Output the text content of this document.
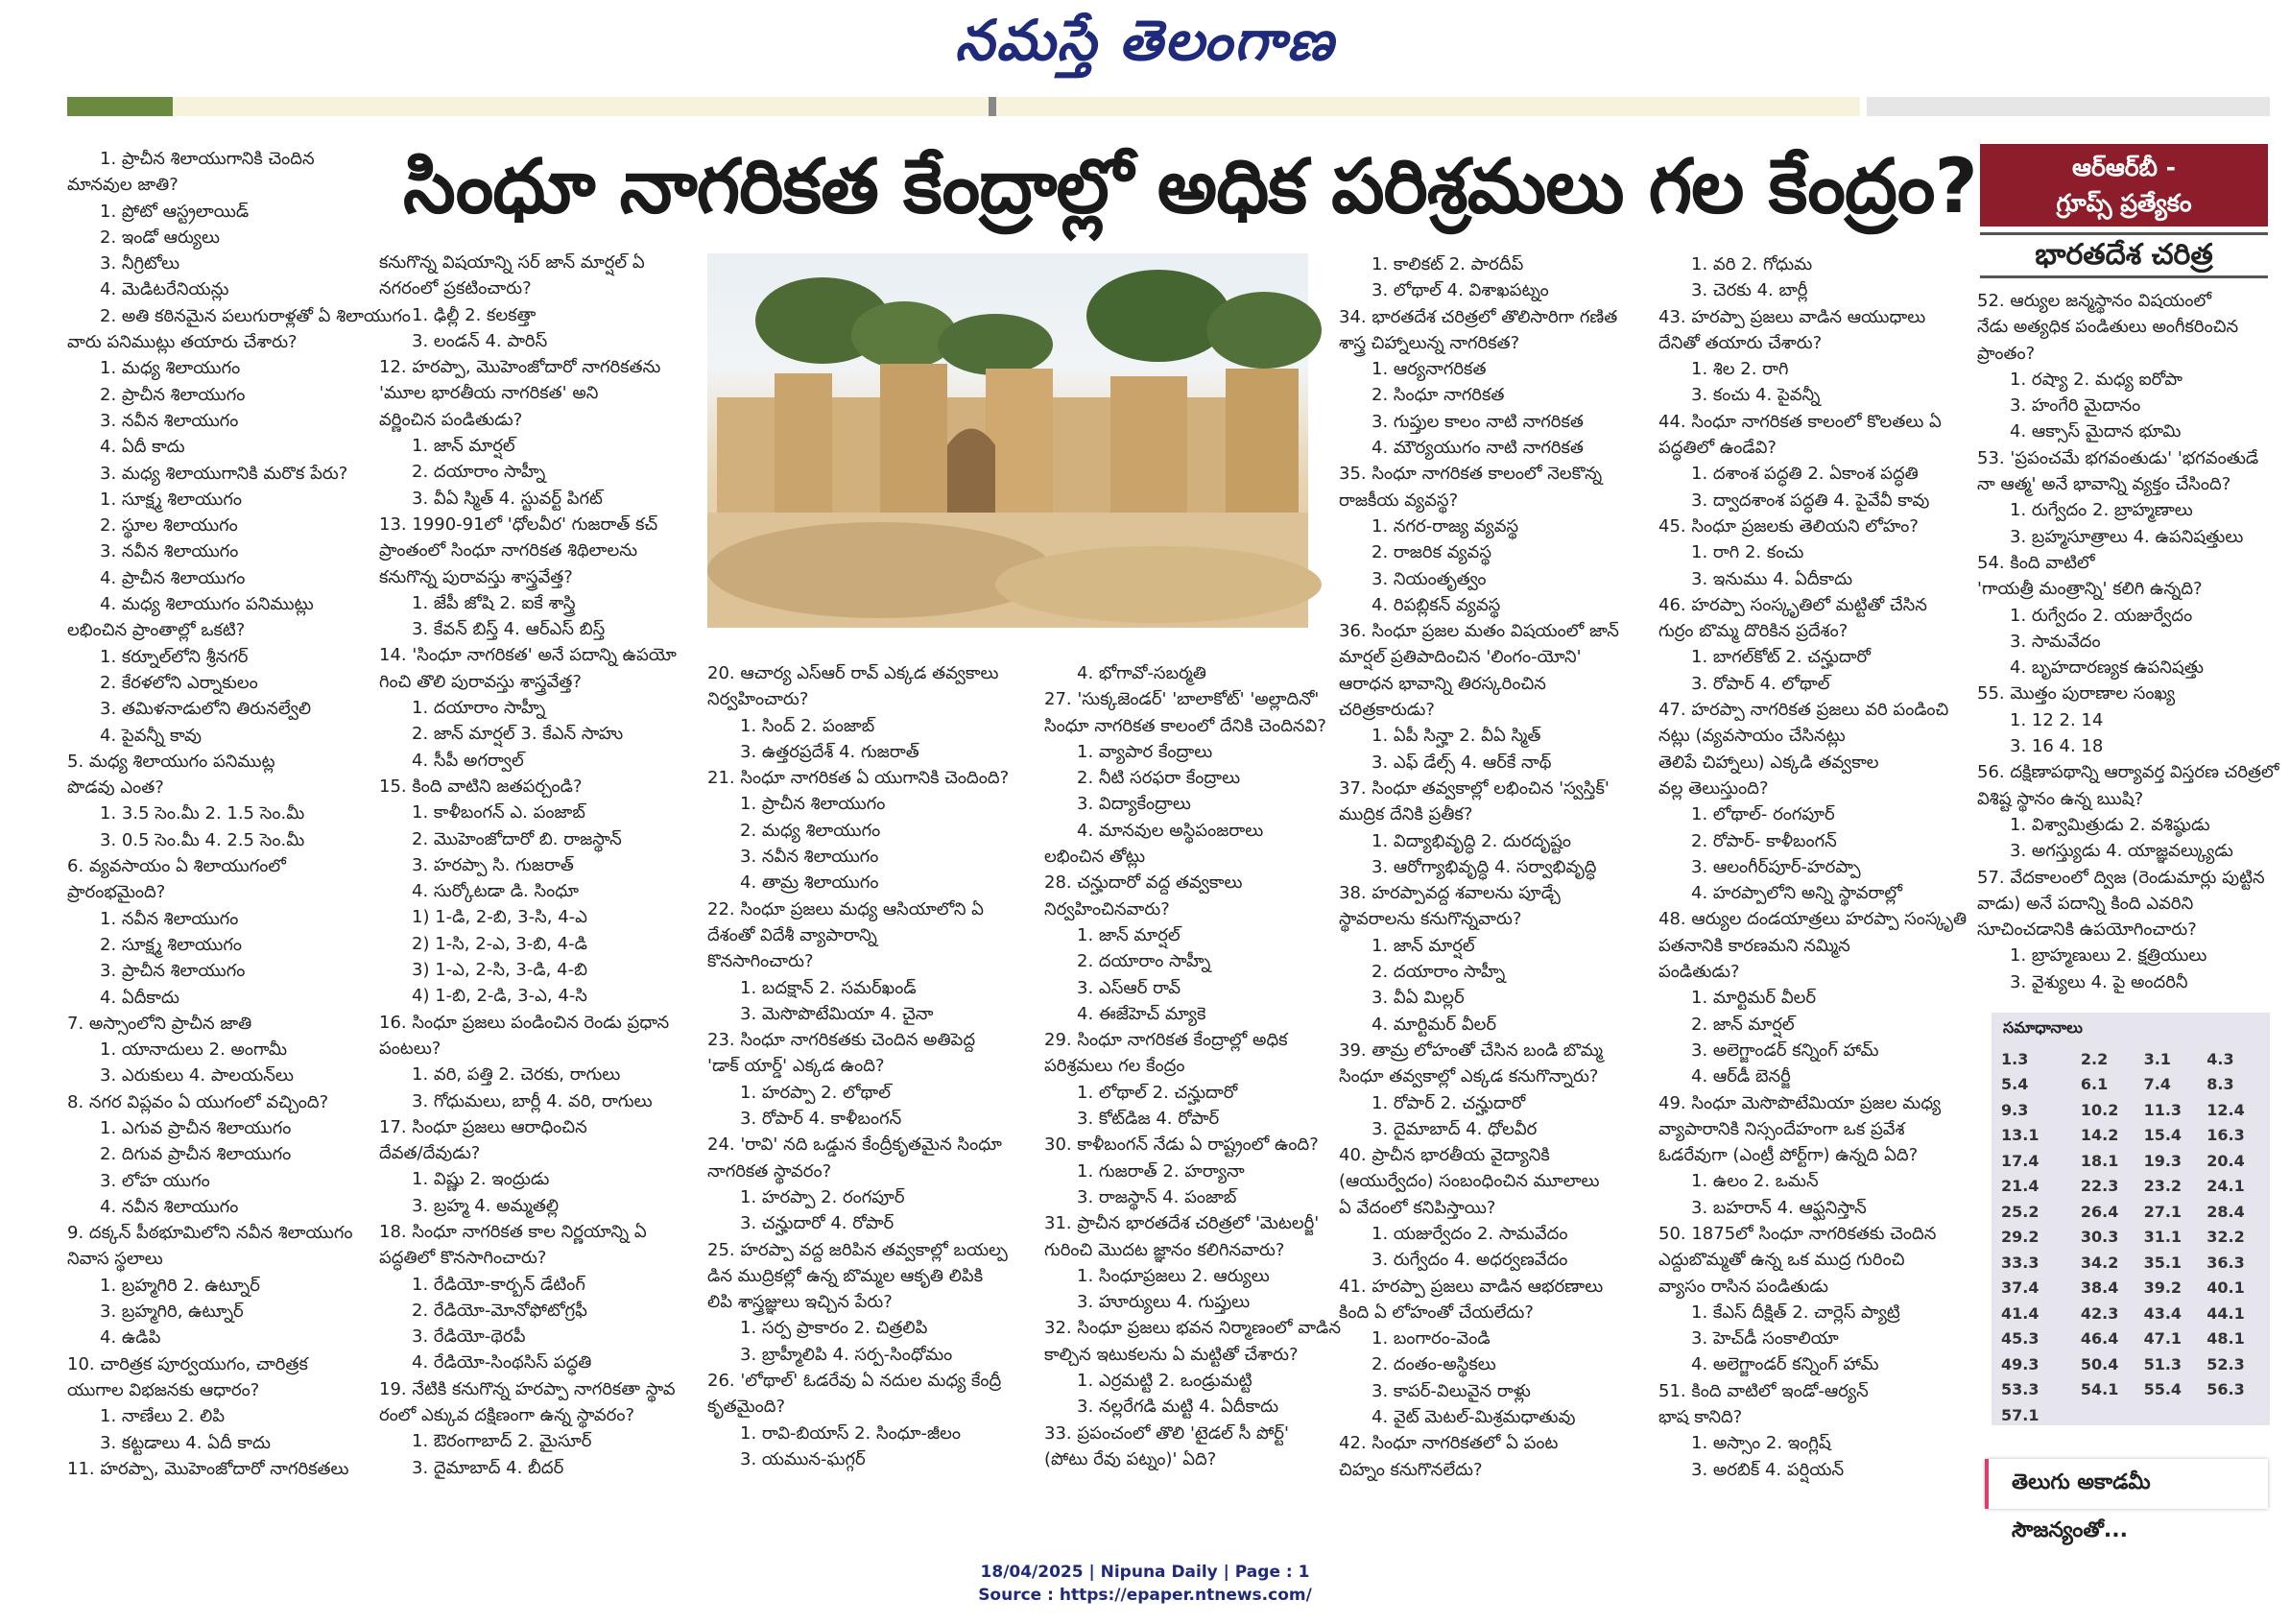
నమస్తే తెలంగాణ
సింధూ నాగరికత కేంద్రాల్లో అధిక పరిశ్రమలు గల కేంద్రం?	ఆర్‌ఆర్‌బీ -
గ్రూప్స్ ప్రత్యేకం
భారతదేశ చరిత్ర
1. ప్రాచీన శిలాయుగానికి చెందిన
మానవుల జాతి?
1. ప్రోటో ఆస్ట్రలాయిడ్
2. ఇండో ఆర్యులు
3. నీగ్రిటోలు
4. మెడిటరేనియన్లు
2. అతి కఠినమైన పలుగురాళ్లతో ఏ శిలాయుగం
వారు పనిముట్లు తయారు చేశారు?
1. మధ్య శిలాయుగం
2. ప్రాచీన శిలాయుగం
3. నవీన శిలాయుగం
4. ఏదీ కాదు
3. మధ్య శిలాయుగానికి మరొక పేరు?
1. సూక్ష్మ శిలాయుగం
2. స్థూల శిలాయుగం
3. నవీన శిలాయుగం
4. ప్రాచీన శిలాయుగం
4. మధ్య శిలాయుగం పనిముట్లు
లభించిన ప్రాంతాల్లో ఒకటి?
1. కర్నూల్‌లోని శ్రీనగర్
2. కేరళలోని ఎర్నాకులం
3. తమిళనాడులోని తిరునల్వేలి
4. పైవన్నీ కావు
5. మధ్య శిలాయుగం పనిముట్ల
పొడవు ఎంత?
1. 3.5 సెం.మీ 2. 1.5 సెం.మీ
3. 0.5 సెం.మీ 4. 2.5 సెం.మీ
6. వ్యవసాయం ఏ శిలాయుగంలో
ప్రారంభమైంది?
1. నవీన శిలాయుగం
2. సూక్ష్మ శిలాయుగం
3. ప్రాచీన శిలాయుగం
4. ఏదీకాదు
7. అస్సాంలోని ప్రాచీన జాతి
1. యానాదులు 2. అంగామీ
3. ఎరుకులు 4. పాలయన్‌లు
8. నగర విప్లవం ఏ యుగంలో వచ్చింది?
1. ఎగువ ప్రాచీన శిలాయుగం
2. దిగువ ప్రాచీన శిలాయుగం
3. లోహ యుగం
4. నవీన శిలాయుగం
9. దక్కన్ పీఠభూమిలోని నవీన శిలాయుగం
నివాస స్థలాలు
1. బ్రహ్మగిరి 2. ఉట్నూర్
3. బ్రహ్మగిరి, ఉట్నూర్
4. ఉడిపి
10. చారిత్రక పూర్వయుగం, చారిత్రక
యుగాల విభజనకు ఆధారం?
1. నాణేలు 2. లిపి
3. కట్టడాలు 4. ఏదీ కాదు
11. హరప్పా, మొహెంజోదారో నాగరికతలు
కనుగొన్న విషయాన్ని సర్ జాన్ మార్షల్ ఏ
నగరంలో ప్రకటించారు?
1. ఢిల్లీ 2. కలకత్తా
3. లండన్ 4. పారిస్
12. హరప్పా, మొహెంజోదారో నాగరికతను
'మూల భారతీయ నాగరికత' అని
వర్ణించిన పండితుడు?
1. జాన్ మార్షల్
2. దయారాం సాహ్నీ
3. వీఏ స్మిత్ 4. స్టువర్ట్ పిగట్
13. 1990-91లో 'ధోలవీర' గుజరాత్ కచ్
ప్రాంతంలో సింధూ నాగరికత శిథిలాలను
కనుగొన్న పురావస్తు శాస్త్రవేత్త?
1. జేపీ జోషి 2. ఐకే శాస్త్రి
3. కేవన్ బిస్త్ 4. ఆర్ఎస్ బిస్త్
14. 'సింధూ నాగరికత' అనే పదాన్ని ఉపయో
గించి తొలి పురావస్తు శాస్త్రవేత్త?
1. దయారాం సాహ్నీ
2. జాన్ మార్షల్ 3. కేఎన్ సాహు
4. సీపీ అగర్వాల్
15. కింది వాటిని జతపర్చండి?
1. కాళీబంగన్ ఎ. పంజాబ్
2. మొహెంజోదారో బి. రాజస్థాన్
3. హరప్పా సి. గుజరాత్
4. సుర్కోటడా డి. సింధూ
1) 1-డి, 2-బి, 3-సి, 4-ఎ
2) 1-సి, 2-ఎ, 3-బి, 4-డి
3) 1-ఎ, 2-సి, 3-డి, 4-బి
4) 1-బి, 2-డి, 3-ఎ, 4-సి
16. సింధూ ప్రజలు పండించిన రెండు ప్రధాన
పంటలు?
1. వరి, పత్తి 2. చెరకు, రాగులు
3. గోధుమలు, బార్లీ 4. వరి, రాగులు
17. సింధూ ప్రజలు ఆరాధించిన
దేవత/దేవుడు?
1. విష్ణు 2. ఇంద్రుడు
3. బ్రహ్మ 4. అమ్మతల్లి
18. సింధూ నాగరికత కాల నిర్ణయాన్ని ఏ
పద్ధతిలో కొనసాగించారు?
1. రేడియో-కార్బన్ డేటింగ్
2. రేడియో-మోనోఫోటోగ్రఫీ
3. రేడియో-థెరపీ
4. రేడియో-సింథసిస్ పద్ధతి
19. నేటికి కనుగొన్న హరప్పా నాగరికతా స్థావ
రంలో ఎక్కువ దక్షిణంగా ఉన్న స్థావరం?
1. ఔరంగాబాద్ 2. మైసూర్
3. దైమాబాద్ 4. బీదర్
20. ఆచార్య ఎస్ఆర్ రావ్ ఎక్కడ తవ్వకాలు
నిర్వహించారు?
1. సింద్ 2. పంజాబ్
3. ఉత్తరప్రదేశ్ 4. గుజరాత్
21. సింధూ నాగరికత ఏ యుగానికి చెందింది?
1. ప్రాచీన శిలాయుగం
2. మధ్య శిలాయుగం
3. నవీన శిలాయుగం
4. తామ్ర శిలాయుగం
22. సింధూ ప్రజలు మధ్య ఆసియాలోని ఏ
దేశంతో విదేశీ వ్యాపారాన్ని
కొనసాగించారు?
1. బదక్షాన్ 2. సమర్‌ఖండ్
3. మెసొపొటేమియా 4. చైనా
23. సింధూ నాగరికతకు చెందిన అతిపెద్ద
'డాక్ యార్డ్' ఎక్కడ ఉంది?
1. హరప్పా 2. లోథాల్
3. రోపార్ 4. కాళీబంగన్
24. 'రావి' నది ఒడ్డున కేంద్రీకృతమైన సింధూ
నాగరికత స్థావరం?
1. హరప్పా 2. రంగపూర్
3. చన్హుదారో 4. రోపార్
25. హరప్పా వద్ద జరిపిన తవ్వకాల్లో బయల్ప
డిన ముద్రికల్లో ఉన్న బొమ్మల ఆకృతి లిపికి
లిపి శాస్త్రజ్ఞులు ఇచ్చిన పేరు?
1. సర్ప ప్రాకారం 2. చిత్రలిపి
3. బ్రాహ్మీలిపి 4. సర్ప-సింధోమం
26. 'లోథాల్' ఓడరేవు ఏ నదుల మధ్య కేంద్రీ
కృతమైంది?
1. రావి-బియాస్ 2. సింధూ-జీలం
3. యమున-ఘగ్గర్
4. భోగావో-సబర్మతి
27. 'సుక్కజెండర్' 'బాలాకోట్' 'అల్లాదినో'
సింధూ నాగరికత కాలంలో దేనికి చెందినవి?
1. వ్యాపార కేంద్రాలు
2. నీటి సరఫరా కేంద్రాలు
3. విద్యాకేంద్రాలు
4. మానవుల అస్థిపంజరాలు
లభించిన తోట్లు
28. చన్హుదారో వద్ద తవ్వకాలు
నిర్వహించినవారు?
1. జాన్ మార్షల్
2. దయారాం సాహ్నీ
3. ఎస్ఆర్ రావ్
4. ఈజేహెచ్ మ్యాకె
29. సింధూ నాగరికత కేంద్రాల్లో అధిక
పరిశ్రమలు గల కేంద్రం
1. లోథాల్ 2. చన్హుదారో
3. కోట్‌డిజ 4. రోపార్
30. కాళీబంగన్ నేడు ఏ రాష్ట్రంలో ఉంది?
1. గుజరాత్ 2. హర్యానా
3. రాజస్థాన్ 4. పంజాబ్
31. ప్రాచీన భారతదేశ చరిత్రలో 'మెటలర్జీ'
గురించి మొదట జ్ఞానం కలిగినవారు?
1. సింధూప్రజలు 2. ఆర్యులు
3. హూర్యులు 4. గుప్తులు
32. సింధూ ప్రజలు భవన నిర్మాణంలో వాడిన
కాల్చిన ఇటుకలను ఏ మట్టితో చేశారు?
1. ఎర్రమట్టి 2. ఒండ్రుమట్టి
3. నల్లరేగడి మట్టి 4. ఏదీకాదు
33. ప్రపంచంలో తొలి 'టైడల్ సీ పోర్ట్'
(పోటు రేవు పట్నం)' ఏది?
1. కాలికట్ 2. పారదీప్
3. లోథాల్ 4. విశాఖపట్నం
34. భారతదేశ చరిత్రలో తొలిసారిగా గణిత
శాస్త్ర చిహ్నాలున్న నాగరికత?
1. ఆర్యనాగరికత
2. సింధూ నాగరికత
3. గుప్తుల కాలం నాటి నాగరికత
4. మౌర్యయుగం నాటి నాగరికత
35. సింధూ నాగరికత కాలంలో నెలకొన్న
రాజకీయ వ్యవస్థ?
1. నగర-రాజ్య వ్యవస్థ
2. రాజరిక వ్యవస్థ
3. నియంతృత్వం
4. రిపబ్లికన్ వ్యవస్థ
36. సింధూ ప్రజల మతం విషయంలో జాన్
మార్షల్ ప్రతిపాదించిన 'లింగం-యోని'
ఆరాధన భావాన్ని తిరస్కరించిన
చరిత్రకారుడు?
1. ఏపీ సిన్హా 2. వీఏ స్మిత్
3. ఎఫ్ డేల్స్ 4. ఆర్‌కే నాథ్
37. సింధూ తవ్వకాల్లో లభించిన 'స్వస్తిక్'
ముద్రిక దేనికి ప్రతీక?
1. విద్యాభివృద్ధి 2. దురదృష్టం
3. ఆరోగ్యాభివృద్ధి 4. సర్వాభివృద్ధి
38. హరప్పావద్ద శవాలను పూడ్చే
స్థావరాలను కనుగొన్నవారు?
1. జాన్ మార్షల్
2. దయారాం సాహ్నీ
3. వీఏ మిల్లర్
4. మార్టిమర్ వీలర్
39. తామ్ర లోహంతో చేసిన బండి బొమ్మ
సింధూ తవ్వకాల్లో ఎక్కడ కనుగొన్నారు?
1. రోపార్ 2. చన్హుదారో
3. దైమాబాద్ 4. ధోలవీర
40. ప్రాచీన భారతీయ వైద్యానికి
(ఆయుర్వేదం) సంబంధించిన మూలాలు
ఏ వేదంలో కనిపిస్తాయి?
1. యజుర్వేదం 2. సామవేదం
3. రుగ్వేదం 4. అధర్వణవేదం
41. హరప్పా ప్రజలు వాడిన ఆభరణాలు
కింది ఏ లోహంతో చేయలేదు?
1. బంగారం-వెండి
2. దంతం-అస్థికలు
3. కాపర్-విలువైన రాళ్లు
4. వైట్ మెటల్-మిశ్రమధాతువు
42. సింధూ నాగరికతలో ఏ పంట
చిహ్నం కనుగొనలేదు?
1. వరి 2. గోధుమ
3. చెరకు 4. బార్లీ
43. హరప్పా ప్రజలు వాడిన ఆయుధాలు
దేనితో తయారు చేశారు?
1. శిల 2. రాగి
3. కంచు 4. పైవన్నీ
44. సింధూ నాగరికత కాలంలో కొలతలు ఏ
పద్ధతిలో ఉండేవి?
1. దశాంశ పద్ధతి 2. ఏకాంశ పద్ధతి
3. ద్వాదశాంశ పద్ధతి 4. పైవేవీ కావు
45. సింధూ ప్రజలకు తెలియని లోహం?
1. రాగి 2. కంచు
3. ఇనుము 4. ఏదీకాదు
46. హరప్పా సంస్కృతిలో మట్టితో చేసిన
గుర్రం బొమ్మ దొరికిన ప్రదేశం?
1. బాగల్‌కోట్ 2. చన్హుదారో
3. రోపార్ 4. లోథాల్
47. హరప్పా నాగరికత ప్రజలు వరి పండించి
నట్లు (వ్యవసాయం చేసినట్లు
తెలిపే చిహ్నాలు) ఎక్కడి తవ్వకాల
వల్ల తెలుస్తుంది?
1. లోథాల్- రంగపూర్
2. రోపార్- కాళీబంగన్
3. ఆలంగీర్‌పూర్-హరప్పా
4. హరప్పాలోని అన్ని స్థావరాల్లో
48. ఆర్యుల దండయాత్రలు హరప్పా సంస్కృతి
పతనానికి కారణమని నమ్మిన
పండితుడు?
1. మార్టిమర్ వీలర్
2. జాన్ మార్షల్
3. అలెగ్జాండర్ కన్నింగ్ హామ్
4. ఆర్‌డీ బెనర్జీ
49. సింధూ మెసొపొటేమియా ప్రజల మధ్య
వ్యాపారానికి నిస్సందేహంగా ఒక ప్రవేశ
ఓడరేవుగా (ఎంట్రీ పోర్ట్‌గా) ఉన్నది ఏది?
1. ఉలం 2. ఒమన్
3. బహరాన్ 4. ఆఫ్ఘనిస్తాన్
50. 1875లో సింధూ నాగరికతకు చెందిన
ఎద్దుబొమ్మతో ఉన్న ఒక ముద్ర గురించి
వ్యాసం రాసిన పండితుడు
1. కేఎస్ దీక్షిత్ 2. చార్లెస్ ప్యాట్రి
3. హెచ్‌డీ సంకాలియా
4. అలెగ్జాండర్ కన్నింగ్ హామ్
51. కింది వాటిలో ఇండో-ఆర్యన్
భాష కానిది?
1. అస్సాం 2. ఇంగ్లిష్
3. అరబిక్ 4. పర్షియన్
52. ఆర్యుల జన్మస్థానం విషయంలో
నేడు అత్యధిక పండితులు అంగీకరించిన
ప్రాంతం?
1. రష్యా 2. మధ్య ఐరోపా
3. హంగేరి మైదానం
4. ఆక్సాస్ మైదాన భూమి
53. 'ప్రపంచమే భగవంతుడు' 'భగవంతుడే
నా ఆత్మ' అనే భావాన్ని వ్యక్తం చేసింది?
1. రుగ్వేదం 2. బ్రాహ్మణాలు
3. బ్రహ్మసూత్రాలు 4. ఉపనిషత్తులు
54. కింది వాటిలో
'గాయత్రీ మంత్రాన్ని' కలిగి ఉన్నది?
1. రుగ్వేదం 2. యజుర్వేదం
3. సామవేదం
4. బృహదారణ్యక ఉపనిషత్తు
55. మొత్తం పురాణాల సంఖ్య
1. 12 2. 14
3. 16 4. 18
56. దక్షిణాపథాన్ని ఆర్యావర్త విస్తరణ చరిత్రలో
విశిష్ట స్థానం ఉన్న ఋషి?
1. విశ్వామిత్రుడు 2. వశిష్ఠుడు
3. అగస్త్యుడు 4. యాజ్ఞవల్క్యుడు
57. వేదకాలంలో ద్విజ (రెండుమార్లు పుట్టిన
వాడు) అనే పదాన్ని కింది ఎవరిని
సూచించడానికి ఉపయోగించారు?
1. బ్రాహ్మణులు 2. క్షత్రియులు
3. వైశ్యులు 4. పై అందరినీ
సమాధానాలు
1.3	2.2	3.1	4.3
5.4	6.1	7.4	8.3
9.3	10.2	11.3	12.4
13.1	14.2	15.4	16.3
17.4	18.1	19.3	20.4
21.4	22.3	23.2	24.1
25.2	26.4	27.1	28.4
29.2	30.3	31.1	32.2
33.3	34.2	35.1	36.3
37.4	38.4	39.2	40.1
41.4	42.3	43.4	44.1
45.3	46.4	47.1	48.1
49.3	50.4	51.3	52.3
53.3	54.1	55.4	56.3
57.1			
తెలుగు అకాడమీ సౌజన్యంతో...
18/04/2025 | Nipuna Daily | Page : 1
Source : https://epaper.ntnews.com/
